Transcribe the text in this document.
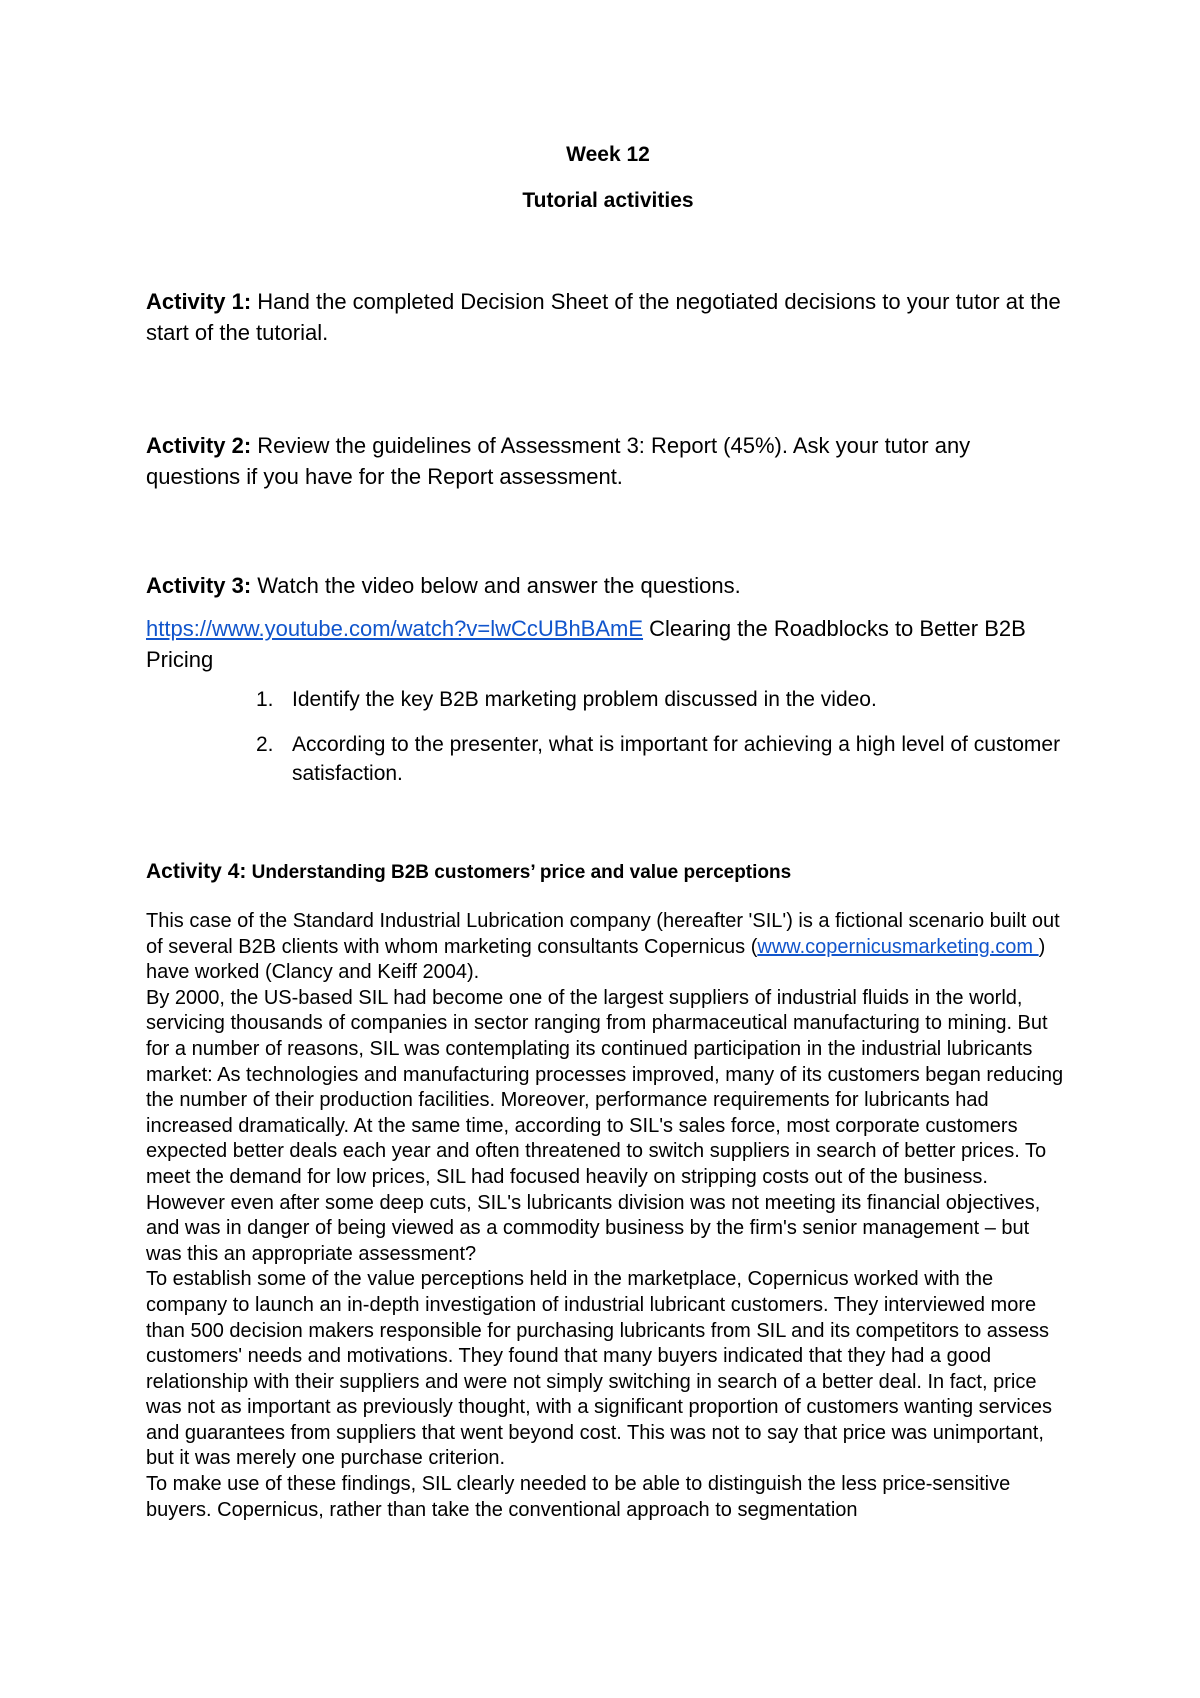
Week 12
Tutorial activities

Activity 1: Hand the completed Decision Sheet of the negotiated decisions to your tutor at the start of the tutorial.

Activity 2: Review the guidelines of Assessment 3: Report (45%). Ask your tutor any questions if you have for the Report assessment.

Activity 3: Watch the video below and answer the questions.

https://www.youtube.com/watch?v=lwCcUBhBAmE Clearing the Roadblocks to Better B2B Pricing

1. Identify the key B2B marketing problem discussed in the video.
2. According to the presenter, what is important for achieving a high level of customer satisfaction.

Activity 4: Understanding B2B customers’ price and value perceptions

This case of the Standard Industrial Lubrication company (hereafter 'SIL') is a fictional scenario built out of several B2B clients with whom marketing consultants Copernicus (www.copernicusmarketing.com ) have worked (Clancy and Keiff 2004).

By 2000, the US-based SIL had become one of the largest suppliers of industrial fluids in the world, servicing thousands of companies in sector ranging from pharmaceutical manufacturing to mining. But for a number of reasons, SIL was contemplating its continued participation in the industrial lubricants market: As technologies and manufacturing processes improved, many of its customers began reducing the number of their production facilities. Moreover, performance requirements for lubricants had increased dramatically. At the same time, according to SIL's sales force, most corporate customers expected better deals each year and often threatened to switch suppliers in search of better prices. To meet the demand for low prices, SIL had focused heavily on stripping costs out of the business. However even after some deep cuts, SIL's lubricants division was not meeting its financial objectives, and was in danger of being viewed as a commodity business by the firm's senior management – but was this an appropriate assessment?

To establish some of the value perceptions held in the marketplace, Copernicus worked with the company to launch an in-depth investigation of industrial lubricant customers. They interviewed more than 500 decision makers responsible for purchasing lubricants from SIL and its competitors to assess customers' needs and motivations. They found that many buyers indicated that they had a good relationship with their suppliers and were not simply switching in search of a better deal. In fact, price was not as important as previously thought, with a significant proportion of customers wanting services and guarantees from suppliers that went beyond cost. This was not to say that price was unimportant, but it was merely one purchase criterion.

To make use of these findings, SIL clearly needed to be able to distinguish the less price-sensitive buyers. Copernicus, rather than take the conventional approach to segmentation
